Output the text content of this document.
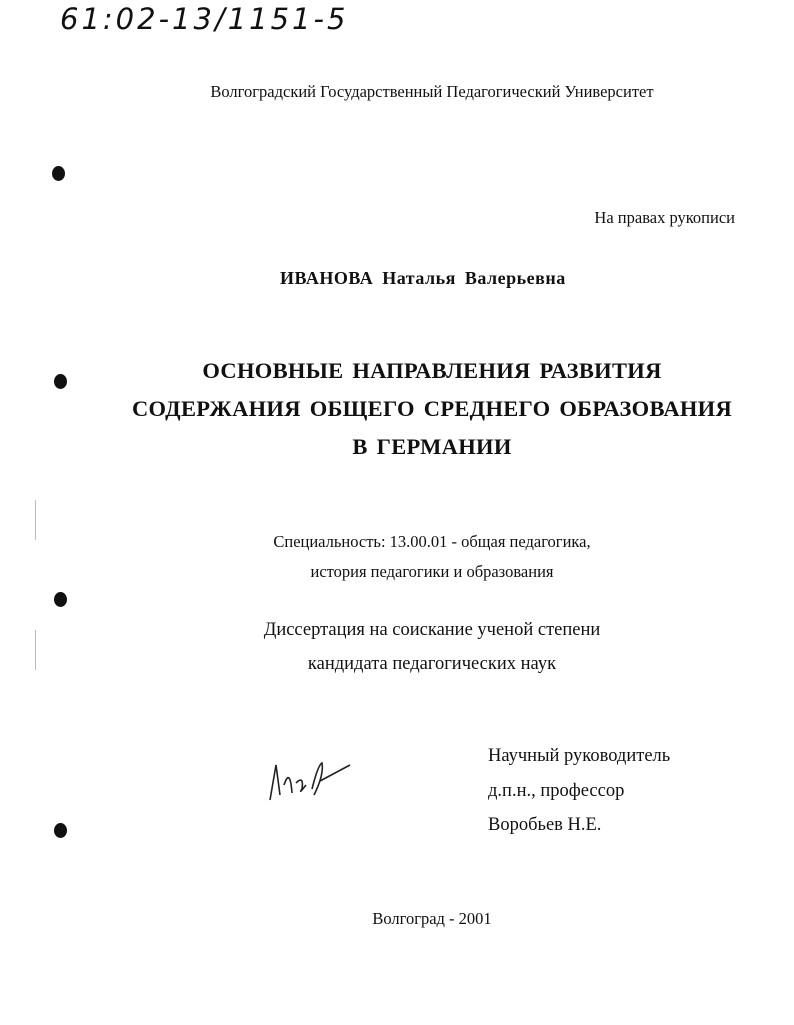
61:02-13/1151-5
Волгоградский Государственный Педагогический Университет
На правах рукописи
ИВАНОВА Наталья Валерьевна
ОСНОВНЫЕ НАПРАВЛЕНИЯ РАЗВИТИЯ
СОДЕРЖАНИЯ ОБЩЕГО СРЕДНЕГО ОБРАЗОВАНИЯ
В ГЕРМАНИИ
Специальность: 13.00.01 - общая педагогика,
история педагогики и образования
Диссертация на соискание ученой степени
кандидата педагогических наук
Научный руководитель
д.п.н., профессор
Воробьев Н.Е.
Волгоград - 2001
